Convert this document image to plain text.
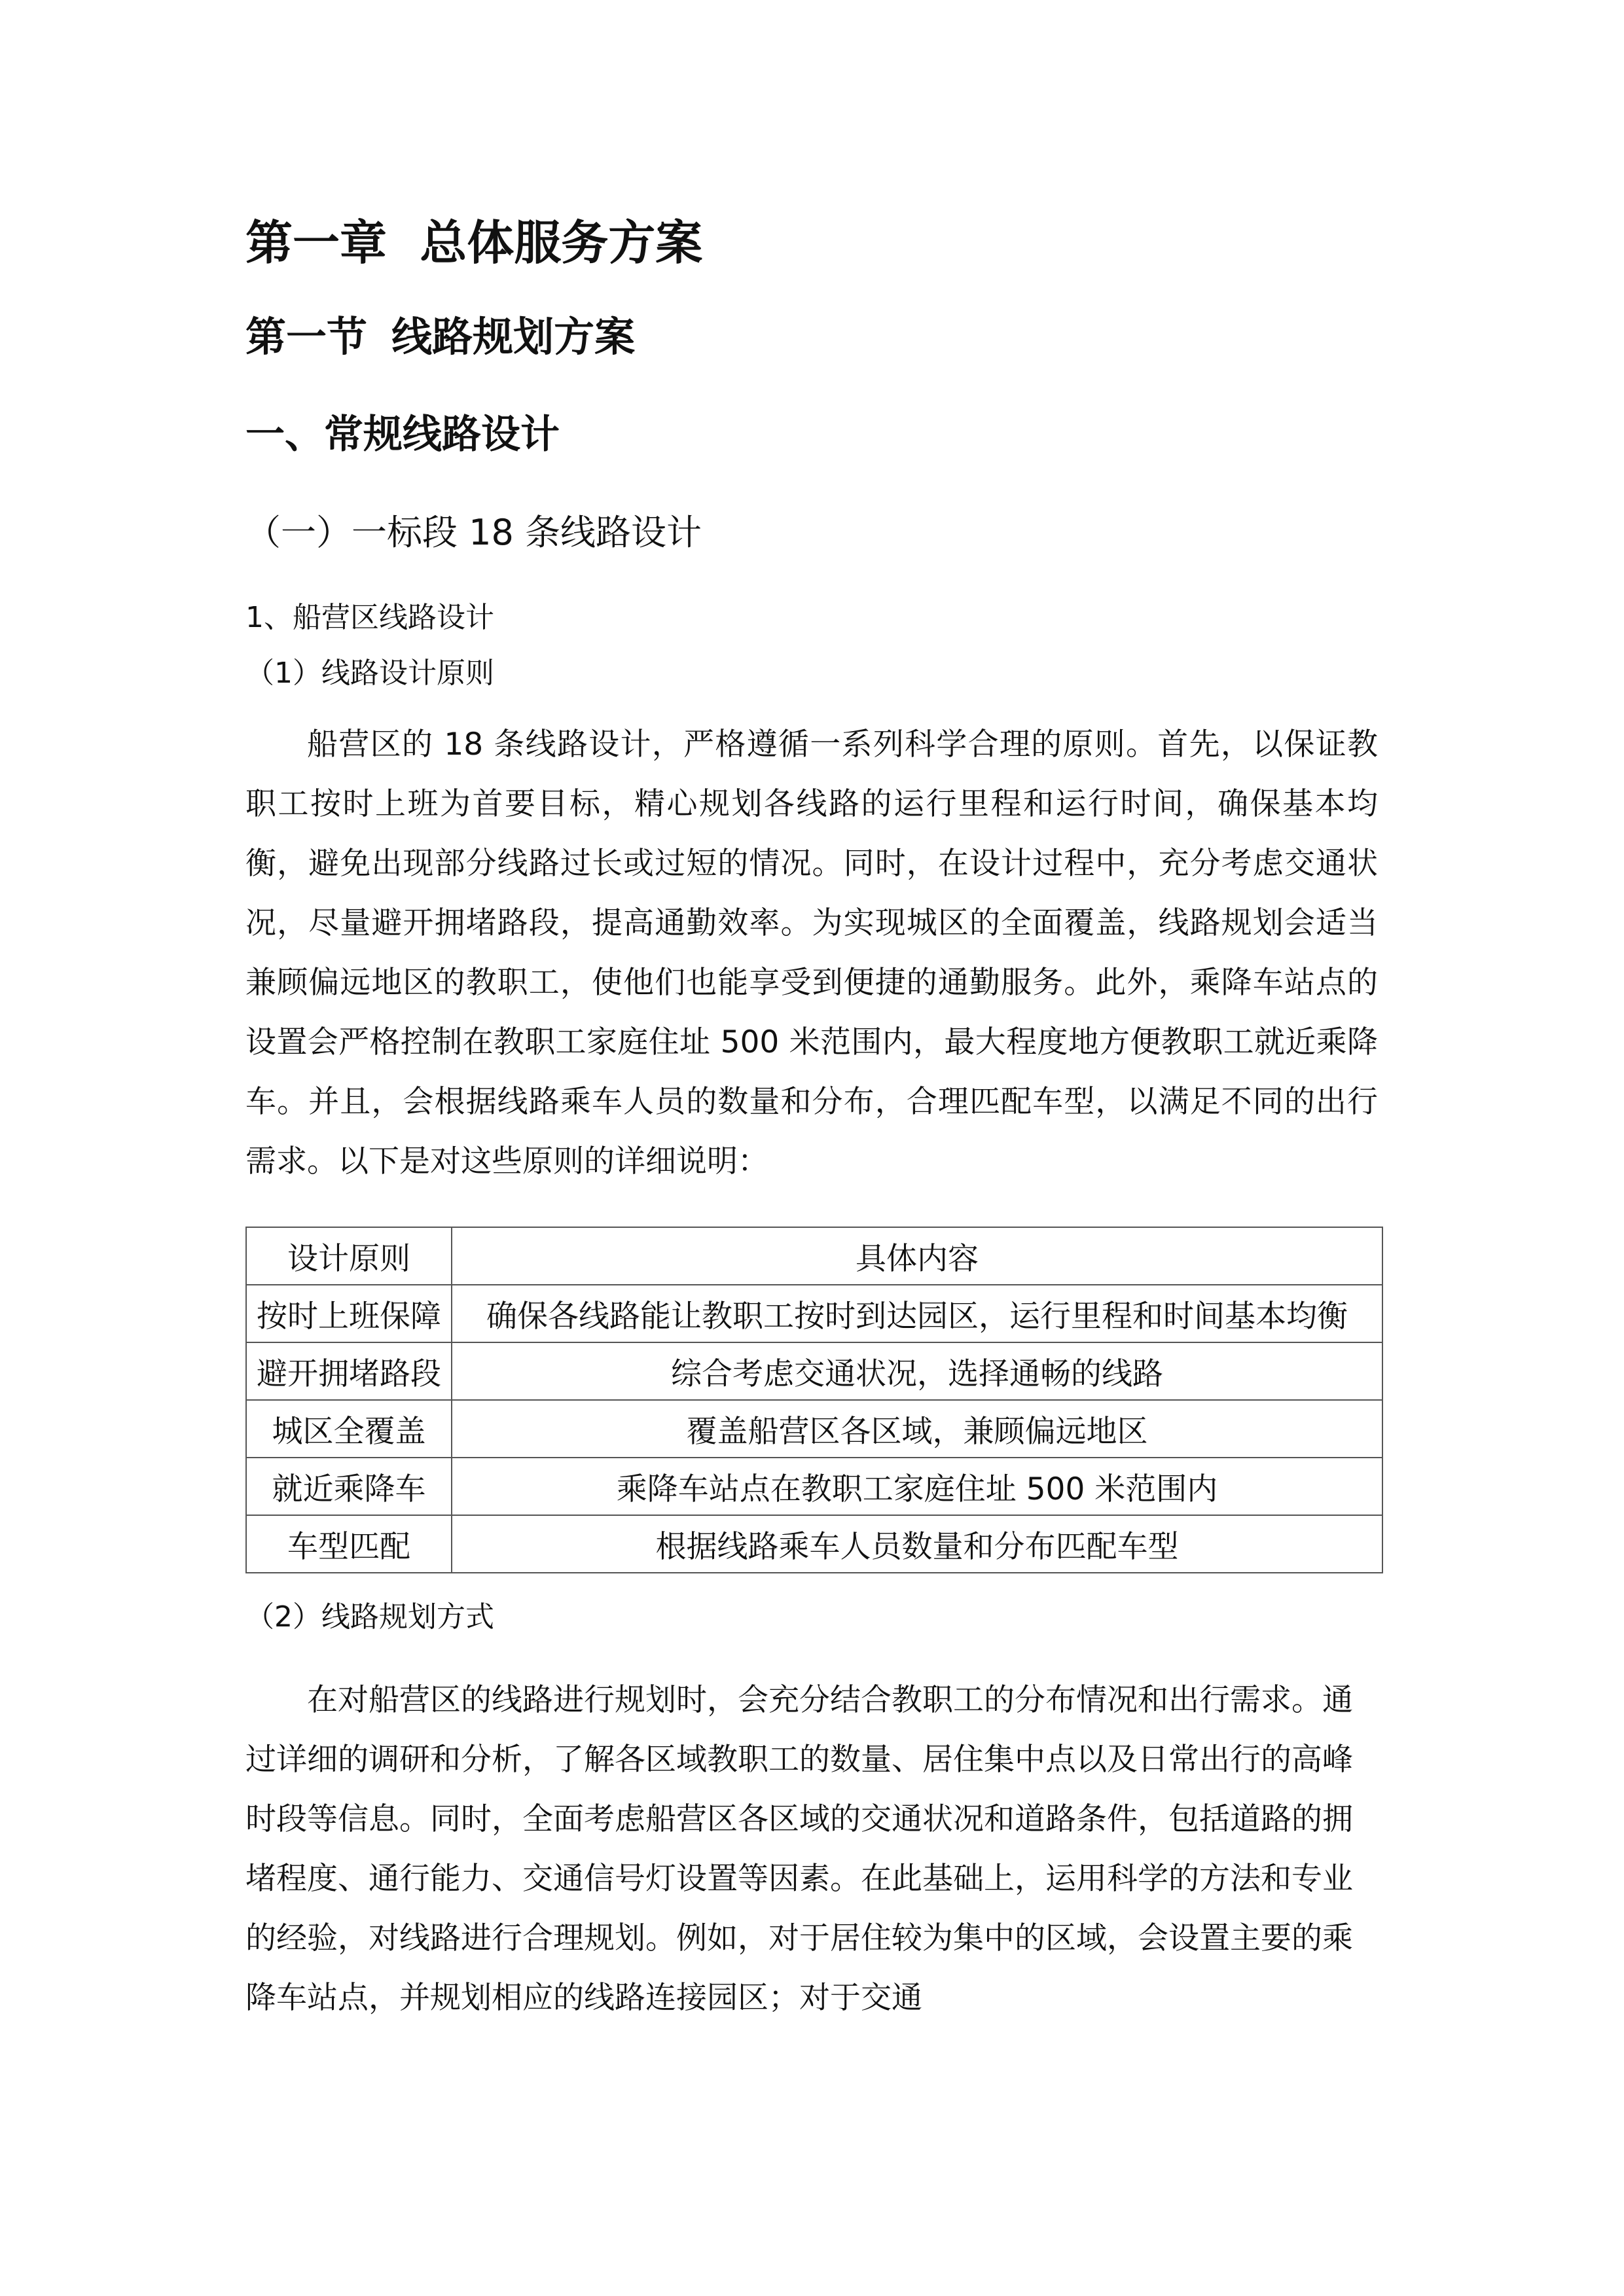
第一章 总体服务方案
第一节 线路规划方案
一、常规线路设计
（一）一标段 18 条线路设计
1、船营区线路设计
（1）线路设计原则

船营区的 18 条线路设计，严格遵循一系列科学合理的原则。首先，以保证教职工按时上班为首要目标，精心规划各线路的运行里程和运行时间，确保基本均衡，避免出现部分线路过长或过短的情况。同时，在设计过程中，充分考虑交通状况，尽量避开拥堵路段，提高通勤效率。为实现城区的全面覆盖，线路规划会适当兼顾偏远地区的教职工，使他们也能享受到便捷的通勤服务。此外，乘降车站点的设置会严格控制在教职工家庭住址 500 米范围内，最大程度地方便教职工就近乘降车。并且，会根据线路乘车人员的数量和分布，合理匹配车型，以满足不同的出行需求。以下是对这些原则的详细说明：

设计原则	具体内容
按时上班保障	确保各线路能让教职工按时到达园区，运行里程和时间基本均衡
避开拥堵路段	综合考虑交通状况，选择通畅的线路
城区全覆盖	覆盖船营区各区域，兼顾偏远地区
就近乘降车	乘降车站点在教职工家庭住址 500 米范围内
车型匹配	根据线路乘车人员数量和分布匹配车型
（2）线路规划方式

在对船营区的线路进行规划时，会充分结合教职工的分布情况和出行需求。通过详细的调研和分析，了解各区域教职工的数量、居住集中点以及日常出行的高峰时段等信息。同时，全面考虑船营区各区域的交通状况和道路条件，包括道路的拥堵程度、通行能力、交通信号灯设置等因素。在此基础上，运用科学的方法和专业的经验，对线路进行合理规划。例如，对于居住较为集中的区域，会设置主要的乘降车站点，并规划相应的线路连接园区；对于交通
